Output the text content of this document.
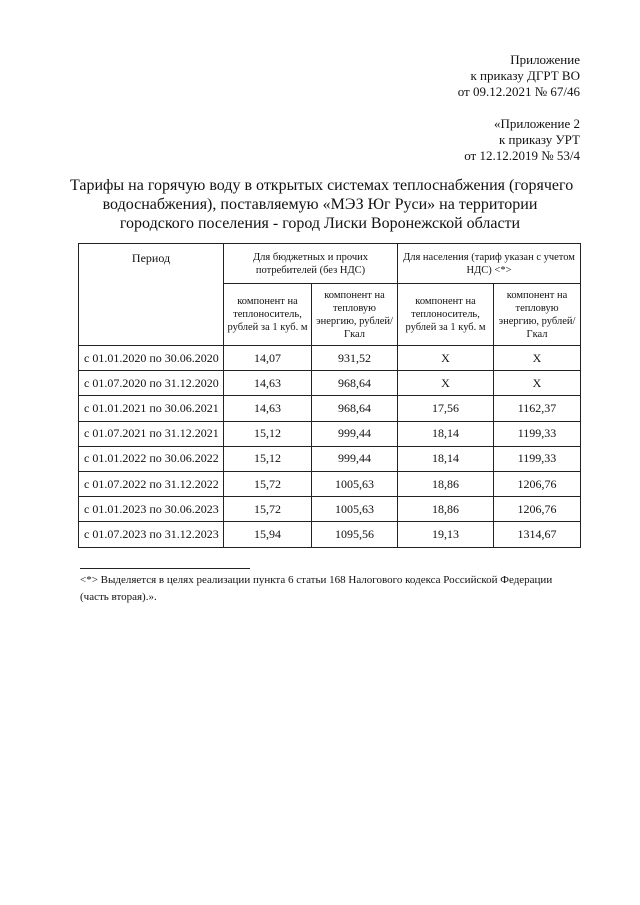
Приложение
к приказу ДГРТ ВО
от 09.12.2021 № 67/46
«Приложение 2
к приказу УРТ
от 12.12.2019 № 53/4
Тарифы на горячую воду в открытых системах теплоснабжения (горячего
водоснабжения), поставляемую «МЭЗ Юг Руси» на территории
городского поселения - город Лиски Воронежской области
Период	Для бюджетных и прочих потребителей (без НДС)		Для населения (тариф указан с учетом НДС) <*>	
	компонент на теплоноситель, рублей за 1 куб. м	компонент на тепловую энергию, рублей/Гкал	компонент на теплоноситель, рублей за 1 куб. м	компонент на тепловую энергию, рублей/Гкал
с 01.01.2020 по 30.06.2020	14,07	931,52	X	X
с 01.07.2020 по 31.12.2020	14,63	968,64	X	X
с 01.01.2021 по 30.06.2021	14,63	968,64	17,56	1162,37
с 01.07.2021 по 31.12.2021	15,12	999,44	18,14	1199,33
с 01.01.2022 по 30.06.2022	15,12	999,44	18,14	1199,33
с 01.07.2022 по 31.12.2022	15,72	1005,63	18,86	1206,76
с 01.01.2023 по 30.06.2023	15,72	1005,63	18,86	1206,76
с 01.07.2023 по 31.12.2023	15,94	1095,56	19,13	1314,67
<*> Выделяется в целях реализации пункта 6 статьи 168 Налогового кодекса Российской Федерации (часть вторая).».
